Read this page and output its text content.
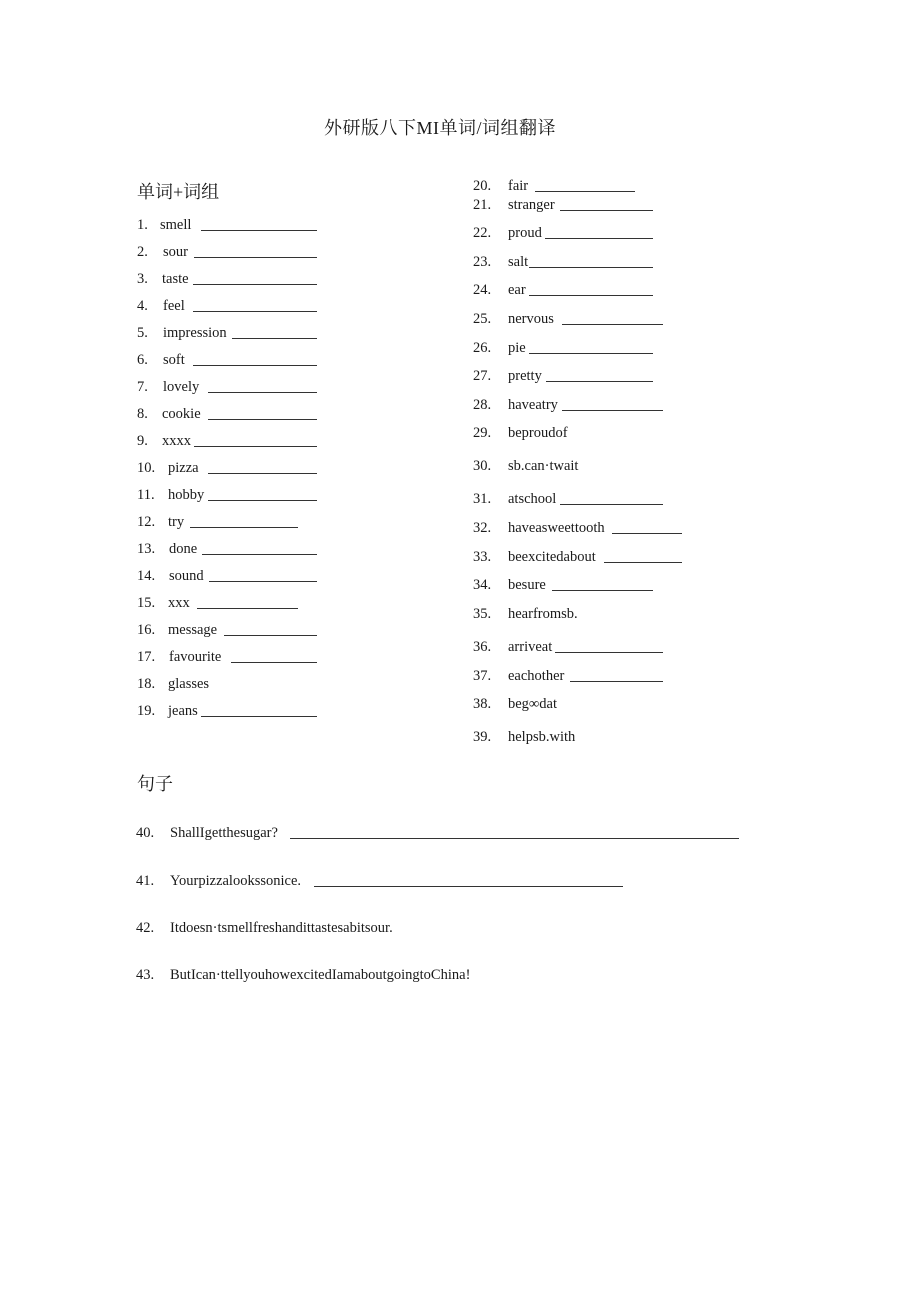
外研版八下MI单词/词组翻译
单词+词组
句子
1. smell
2. sour
3. taste
4. feel
5. impression
6. soft
7. lovely
8. cookie
9. xxxx
10. pizza
11. hobby
12. try
13. done
14. sound
15. xxx
16. message
17. favourite
18. glasses
19. jeans
20. fair
21. stranger
22. proud
23. salt
24. ear
25. nervous
26. pie
27. pretty
28. haveatry
29. beproudof
30. sb.can·twait
31. atschool
32. haveasweettooth
33. beexcitedabout
34. besure
35. hearfromsb.
36. arriveat
37. eachother
38. beg∞dat
39. helpsb.with
40. ShallIgetthesugar?
41. Yourpizzalookssonice.
42. Itdoesn·tsmellfreshandittastesabitsour.
43. ButIcan·ttellyouhowexcitedIamaboutgoingtoChina!
